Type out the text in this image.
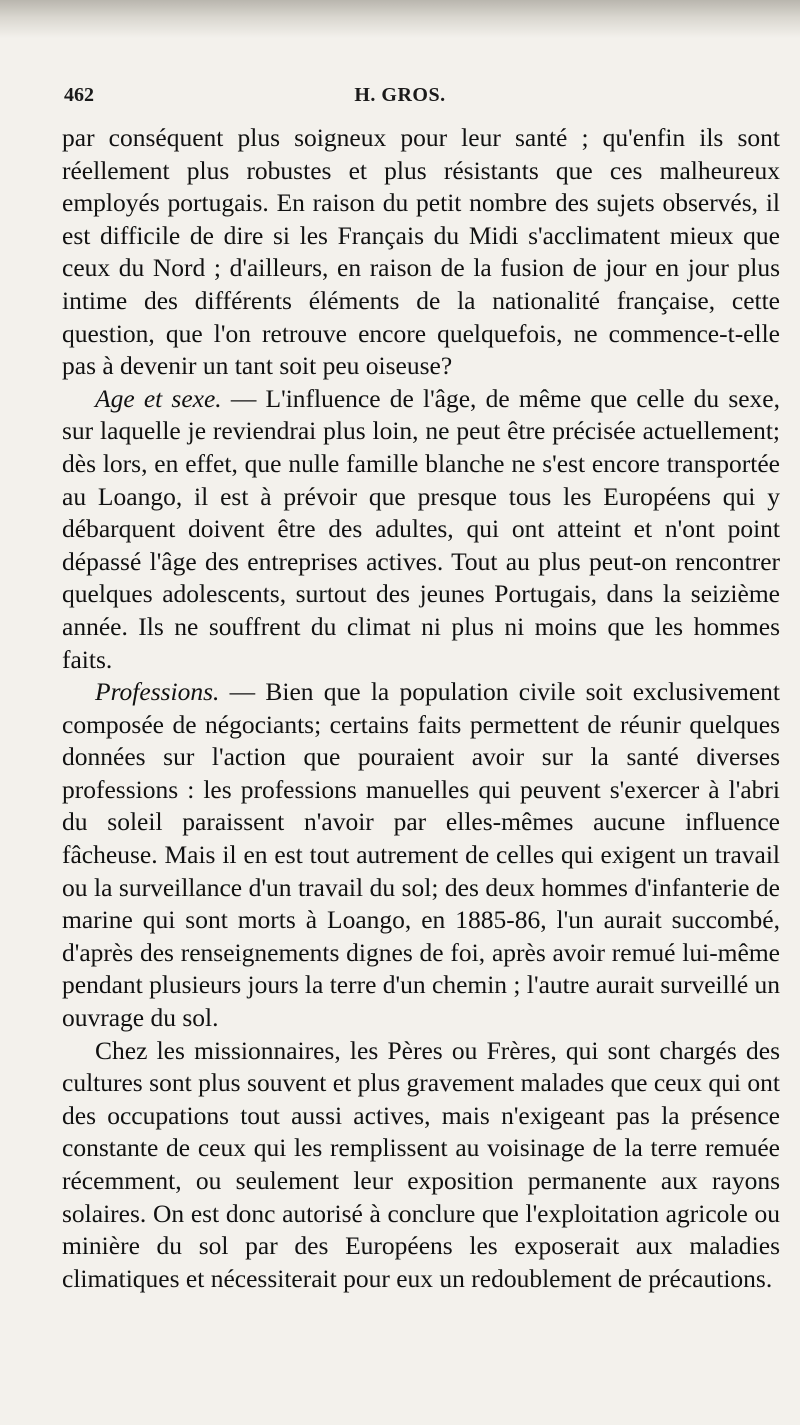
462	H. GROS.

par conséquent plus soigneux pour leur santé ; qu'enfin ils sont réellement plus robustes et plus résistants que ces malheureux employés portugais. En raison du petit nombre des sujets observés, il est difficile de dire si les Français du Midi s'acclimatent mieux que ceux du Nord ; d'ailleurs, en raison de la fusion de jour en jour plus intime des différents éléments de la nationalité française, cette question, que l'on retrouve encore quelquefois, ne commence-t-elle pas à devenir un tant soit peu oiseuse?

Age et sexe. — L'influence de l'âge, de même que celle du sexe, sur laquelle je reviendrai plus loin, ne peut être précisée actuellement; dès lors, en effet, que nulle famille blanche ne s'est encore transportée au Loango, il est à prévoir que presque tous les Européens qui y débarquent doivent être des adultes, qui ont atteint et n'ont point dépassé l'âge des entreprises actives. Tout au plus peut-on rencontrer quelques adolescents, surtout des jeunes Portugais, dans la seizième année. Ils ne souffrent du climat ni plus ni moins que les hommes faits.

Professions. — Bien que la population civile soit exclusivement composée de négociants; certains faits permettent de réunir quelques données sur l'action que pouraient avoir sur la santé diverses professions : les professions manuelles qui peuvent s'exercer à l'abri du soleil paraissent n'avoir par elles-mêmes aucune influence fâcheuse. Mais il en est tout autrement de celles qui exigent un travail ou la surveillance d'un travail du sol; des deux hommes d'infanterie de marine qui sont morts à Loango, en 1885-86, l'un aurait succombé, d'après des renseignements dignes de foi, après avoir remué lui-même pendant plusieurs jours la terre d'un chemin ; l'autre aurait surveillé un ouvrage du sol.

Chez les missionnaires, les Pères ou Frères, qui sont chargés des cultures sont plus souvent et plus gravement malades que ceux qui ont des occupations tout aussi actives, mais n'exigeant pas la présence constante de ceux qui les remplissent au voisinage de la terre remuée récemment, ou seulement leur exposition permanente aux rayons solaires. On est donc autorisé à conclure que l'exploitation agricole ou minière du sol par des Européens les exposerait aux maladies climatiques et nécessiterait pour eux un redoublement de précautions.
